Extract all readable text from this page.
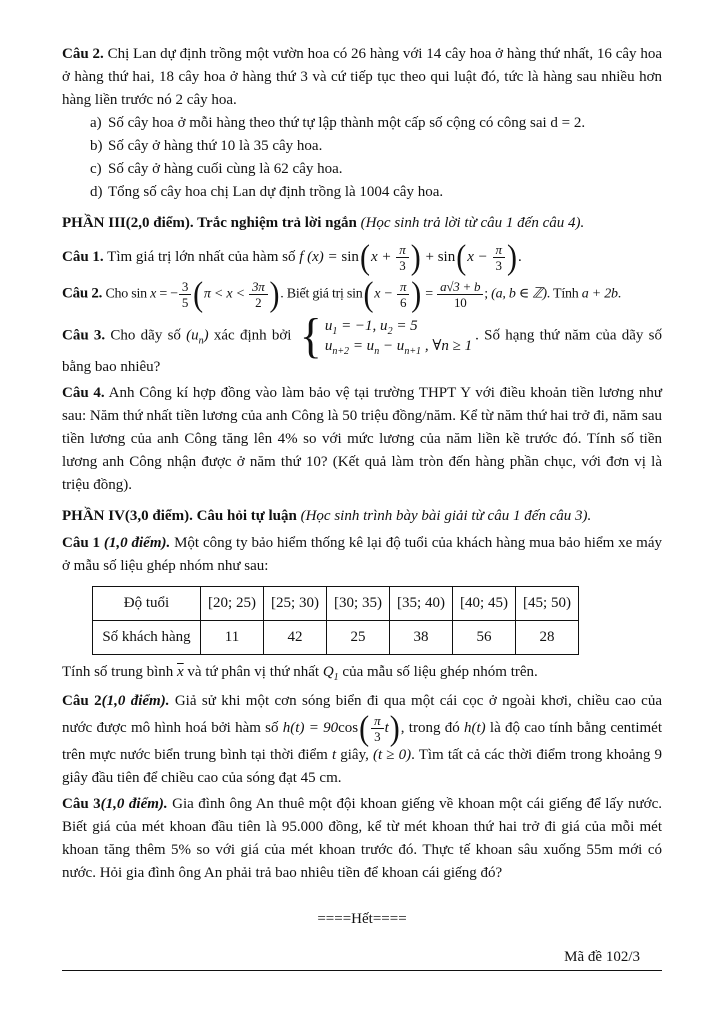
Câu 2. Chị Lan dự định trồng một vườn hoa có 26 hàng với 14 cây hoa ở hàng thứ nhất, 16 cây hoa ở hàng thứ hai, 18 cây hoa ở hàng thứ 3 và cứ tiếp tục theo qui luật đó, tức là hàng sau nhiều hơn hàng liền trước nó 2 cây hoa.

a) Số cây hoa ở mỗi hàng theo thứ tự lập thành một cấp số cộng có công sai d = 2.

b) Số cây ở hàng thứ 10 là 35 cây hoa.

c) Số cây ở hàng cuối cùng là 62 cây hoa.

d) Tổng số cây hoa chị Lan dự định trồng là 1004 cây hoa.

PHẦN III(2,0 điểm). Trắc nghiệm trả lời ngắn (Học sinh trả lời từ câu 1 đến câu 4).

Câu 1. Tìm giá trị lớn nhất của hàm số f $(x) = \sin(x + \frac{\pi}{3}$ ) + $\sin(x - \frac{\pi}{3}$ ).

Câu 2. Cho sin x = − $\frac{3}{5} (\pi < x < \frac{3\pi}{2}$ ). Biết giá trị $\sin(x - \frac{\pi}{6}$ ) = $\frac{a√3 + b}{10}$ ; (a, b ∈ ℤ). Tính a + 2b.

Câu 3. Cho dãy số $(u_n)$ xác định bởi { $u_1 = -1$, $u_2 = 5$
$u_{n+2} = u_n - u_{n+1}$ , ∀n ≥ 1
. Số hạng thứ năm của dãy số bằng bao nhiêu?

Câu 4. Anh Công kí hợp đồng vào làm bảo vệ tại trường THPT Y với điều khoản tiền lương như sau: Năm thứ nhất tiền lương của anh Công là 50 triệu đồng/năm. Kể từ năm thứ hai trở đi, năm sau tiền lương của anh Công tăng lên 4% so với mức lương của năm liền kề trước đó. Tính số tiền lương anh Công nhận được ở năm thứ 10? (Kết quả làm tròn đến hàng phần chục, với đơn vị là triệu đồng).

PHẦN IV(3,0 điểm). Câu hỏi tự luận (Học sinh trình bày bài giải từ câu 1 đến câu 3).

Câu 1 (1,0 điểm). Một công ty bảo hiểm thống kê lại độ tuổi của khách hàng mua bảo hiểm xe máy ở mẫu số liệu ghép nhóm như sau:

Độ tuổi	[20; 25)	[25; 30)	[30; 35)	[35; 40)	[40; 45)	[45; 50)
Số khách hàng	11	42	25	38	56	28

Tính số trung bình $\overline{x}$ và tứ phân vị thứ nhất $Q_1$ của mẫu số liệu ghép nhóm trên.

Câu 2(1,0 điểm). Giả sử khi một cơn sóng biển đi qua một cái cọc ở ngoài khơi, chiều cao của nước được mô hình hoá bởi hàm số $h(t) = 90\cos( \frac{\pi}{3} t)$, trong đó h(t) là độ cao tính bằng centimét trên mực nước biển trung bình tại thời điểm t giây, (t ≥ 0). Tìm tất cả các thời điểm trong khoảng 9 giây đầu tiên để chiều cao của sóng đạt 45 cm.

Câu 3(1,0 điểm). Gia đình ông An thuê một đội khoan giếng về khoan một cái giếng để lấy nước. Biết giá của mét khoan đầu tiên là 95.000 đồng, kể từ mét khoan thứ hai trở đi giá của mỗi mét khoan tăng thêm 5% so với giá của mét khoan trước đó. Thực tế khoan sâu xuống 55m mới có nước. Hỏi gia đình ông An phải trả bao nhiêu tiền để khoan cái giếng đó?

====Hết====

Mã đề 102/3
